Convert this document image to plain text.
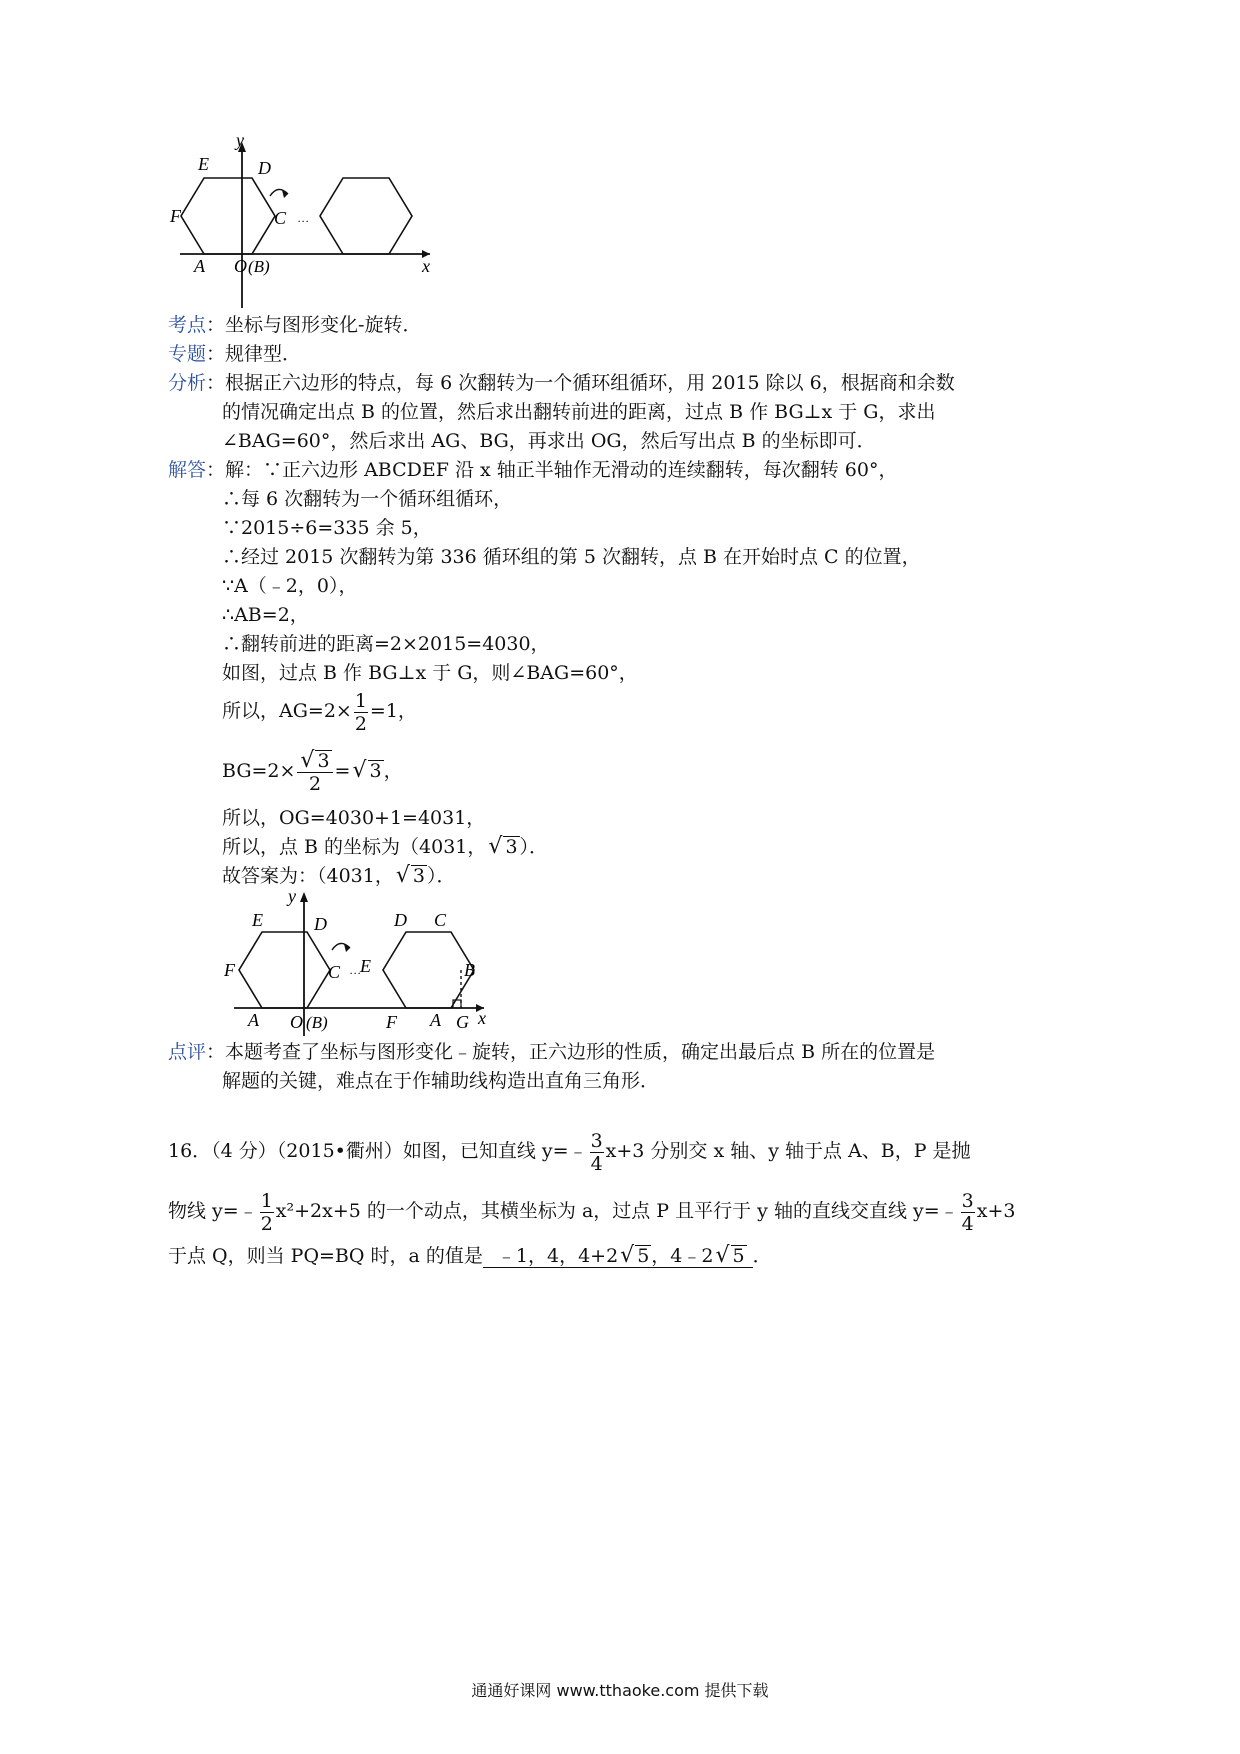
y
x
E	D
F	C …
A O (B)
考点：坐标与图形变化-旋转．
专题：规律型．
分析：根据正六边形的特点，每 6 次翻转为一个循环组循环，用 2015 除以 6，根据商和余数
的情况确定出点 B 的位置，然后求出翻转前进的距离，过点 B 作 BG⊥x 于 G，求出
∠BAG=60°，然后求出 AG、BG，再求出 OG，然后写出点 B 的坐标即可．
解答：解：∵正六边形 ABCDEF 沿 x 轴正半轴作无滑动的连续翻转，每次翻转 60°，
∴每 6 次翻转为一个循环组循环，
∵2015÷6=335 余 5，
∴经过 2015 次翻转为第 336 循环组的第 5 次翻转，点 B 在开始时点 C 的位置，
∵A（﹣2，0），
∴AB=2，
∴翻转前进的距离=2×2015=4030，
如图，过点 B 作 BG⊥x 于 G，则∠BAG=60°，
所以，$AG=2\times \frac{1}{2} =1$，
$BG=2\times \frac{√ 3}{2}$ =√ 3 ，
所以，OG=4030+1=4031，
所以，点 B 的坐标为（4031，√ 3 ）．
故答案为：（4031，√ 3 ）．
y
x
E	D
F	C …
A O (B)
D C
E	B
F A G
点评：本题考查了坐标与图形变化﹣旋转，正六边形的性质，确定出最后点 B 所在的位置是
解题的关键，难点在于作辅助线构造出直角三角形．
16．（4 分）（2015•衢州）如图，已知直线 y=﹣ $\frac{3}{4} x+3$ 分别交 x 轴、y 轴于点 A、B，P 是抛
物线 y=﹣ $\frac{1}{2} x^2+2x+5$ 的一个动点，其横坐标为 a，过点 P 且平行于 y 轴的直线交直线 y=﹣ $\frac{3}{4} x+3$
于点 Q，则当 PQ=BQ 时，a 的值是 ﹣1，4，4+2√ 5 ，4﹣2√ 5 ．
通通好课网 www.tthaoke.com 提供下载
